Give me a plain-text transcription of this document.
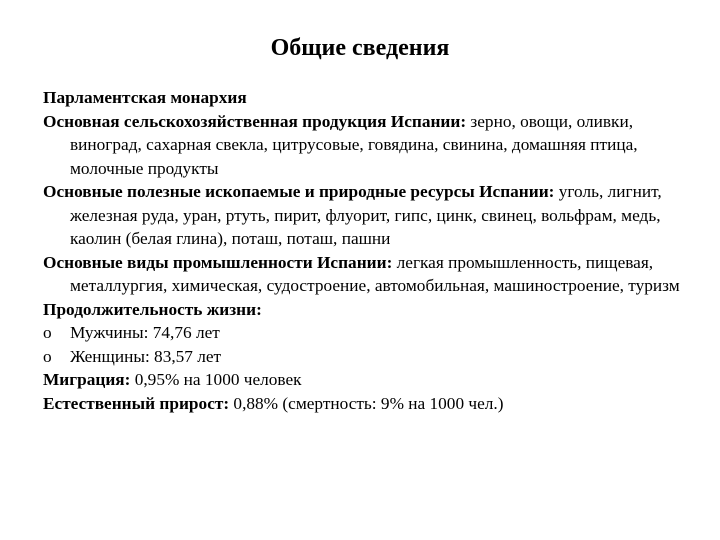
Общие сведения

Парламентская монархия

Основная сельскохозяйственная продукция Испании: зерно, овощи, оливки, виноград, сахарная свекла, цитрусовые, говядина, свинина, домашняя птица, молочные продукты

Основные полезные ископаемые и природные ресурсы Испании: уголь, лигнит, железная руда, уран, ртуть, пирит, флуорит, гипс, цинк, свинец, вольфрам, медь, каолин (белая глина), поташ, поташ, пашни

Основные виды промышленности Испании: легкая промышленность, пищевая, металлургия, химическая, судостроение, автомобильная, машиностроение, туризм

Продолжительность жизни:

o Мужчины: 74,76 лет

o Женщины: 83,57 лет

Миграция: 0,95% на 1000 человек

Естественный прирост: 0,88% (смертность: 9% на 1000 чел.)
